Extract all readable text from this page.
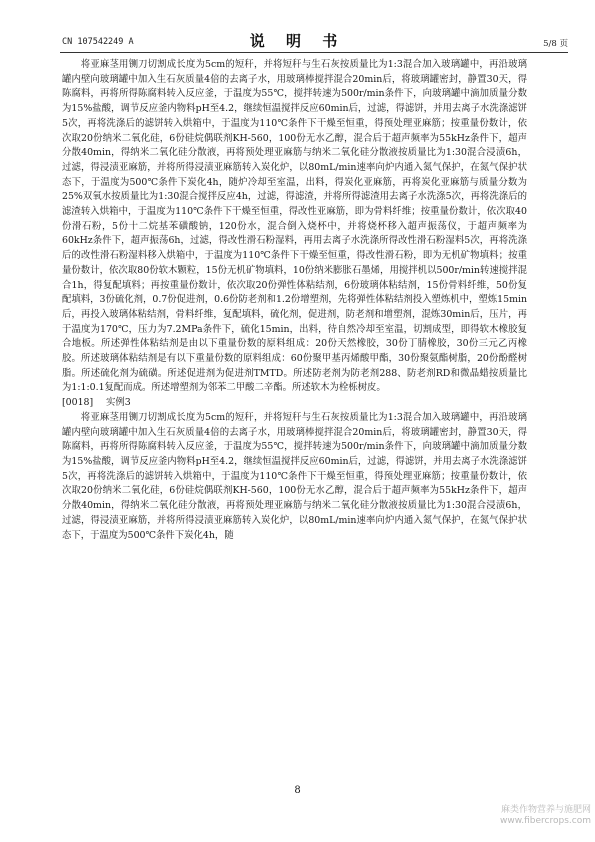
CN 107542249 A	说 明 书	5/8 页

将亚麻茎用铡刀切割成长度为5cm的短秆，并将短秆与生石灰按质量比为1:3混合加入玻璃罐中，再沿玻璃罐内壁向玻璃罐中加入生石灰质量4倍的去离子水，用玻璃棒搅拌混合20min后，将玻璃罐密封，静置30天，得陈腐料，再将所得陈腐料转入反应釜，于温度为55℃，搅拌转速为500r/min条件下，向玻璃罐中滴加质量分数为15%盐酸，调节反应釜内物料pH至4.2，继续恒温搅拌反应60min后，过滤，得滤饼，并用去离子水洗涤滤饼5次，再将洗涤后的滤饼转入烘箱中，于温度为110℃条件下干燥至恒重，得预处理亚麻筋；按重量份数计，依次取20份纳米二氧化硅，6份硅烷偶联剂KH-560，100份无水乙醇，混合后于超声频率为55kHz条件下，超声分散40min，得纳米二氧化硅分散液，再将预处理亚麻筋与纳米二氧化硅分散液按质量比为1:30混合浸渍6h，过滤，得浸渍亚麻筋，并将所得浸渍亚麻筋转入炭化炉，以80mL/min速率向炉内通入氮气保护，在氮气保护状态下，于温度为500℃条件下炭化4h，随炉冷却至室温，出料，得炭化亚麻筋，再将炭化亚麻筋与质量分数为25%双氧水按质量比为1:30混合搅拌反应4h，过滤，得滤渣，并将所得滤渣用去离子水洗涤5次，再将洗涤后的滤渣转入烘箱中，于温度为110℃条件下干燥至恒重，得改性亚麻筋，即为骨料纤维；按重量份数计，依次取40份滑石粉，5份十二烷基苯磺酸钠，120份水，混合倒入烧杯中，并将烧杯移入超声振荡仪，于超声频率为60kHz条件下，超声振荡6h，过滤，得改性滑石粉湿料，再用去离子水洗涤所得改性滑石粉湿料5次，再将洗涤后的改性滑石粉湿料移入烘箱中，于温度为110℃条件下干燥至恒重，得改性滑石粉，即为无机矿物填料；按重量份数计，依次取80份软木颗粒，15份无机矿物填料，10份纳米膨胀石墨烯，用搅拌机以500r/min转速搅拌混合1h，得复配填料；再按重量份数计，依次取20份弹性体粘结剂，6份玻璃体粘结剂，15份骨料纤维，50份复配填料，3份硫化剂，0.7份促进剂，0.6份防老剂和1.2份增塑剂，先将弹性体粘结剂投入塑炼机中，塑炼15min后，再投入玻璃体粘结剂，骨料纤维，复配填料，硫化剂，促进剂，防老剂和增塑剂，混炼30min后，压片，再于温度为170℃，压力为7.2MPa条件下，硫化15min，出料，待自然冷却至室温，切割成型，即得软木橡胶复合地板。所述弹性体粘结剂是由以下重量份数的原料组成：20份天然橡胶，30份丁腈橡胶，30份三元乙丙橡胶。所述玻璃体粘结剂是有以下重量份数的原料组成：60份聚甲基丙烯酸甲酯，30份聚氨酯树脂，20份酚醛树脂。所述硫化剂为硫磺。所述促进剂为促进剂TMTD。所述防老剂为防老剂288、防老剂RD和微晶蜡按质量比为1:1:0.1复配而成。所述增塑剂为邻苯二甲酸二辛酯。所述软木为栓栎树皮。

[0018]	实例3

将亚麻茎用铡刀切割成长度为5cm的短秆，并将短秆与生石灰按质量比为1:3混合加入玻璃罐中，再沿玻璃罐内壁向玻璃罐中加入生石灰质量4倍的去离子水，用玻璃棒搅拌混合20min后，将玻璃罐密封，静置30天，得陈腐料，再将所得陈腐料转入反应釜，于温度为55℃，搅拌转速为500r/min条件下，向玻璃罐中滴加质量分数为15%盐酸，调节反应釜内物料pH至4.2，继续恒温搅拌反应60min后，过滤，得滤饼，并用去离子水洗涤滤饼5次，再将洗涤后的滤饼转入烘箱中，于温度为110℃条件下干燥至恒重，得预处理亚麻筋；按重量份数计，依次取20份纳米二氧化硅，6份硅烷偶联剂KH-560，100份无水乙醇，混合后于超声频率为55kHz条件下，超声分散40min，得纳米二氧化硅分散液，再将预处理亚麻筋与纳米二氧化硅分散液按质量比为1:30混合浸渍6h，过滤，得浸渍亚麻筋，并将所得浸渍亚麻筋转入炭化炉，以80mL/min速率向炉内通入氮气保护，在氮气保护状态下，于温度为500℃条件下炭化4h，随

8
麻类作物营养与施肥网
www.fibercrops.com
